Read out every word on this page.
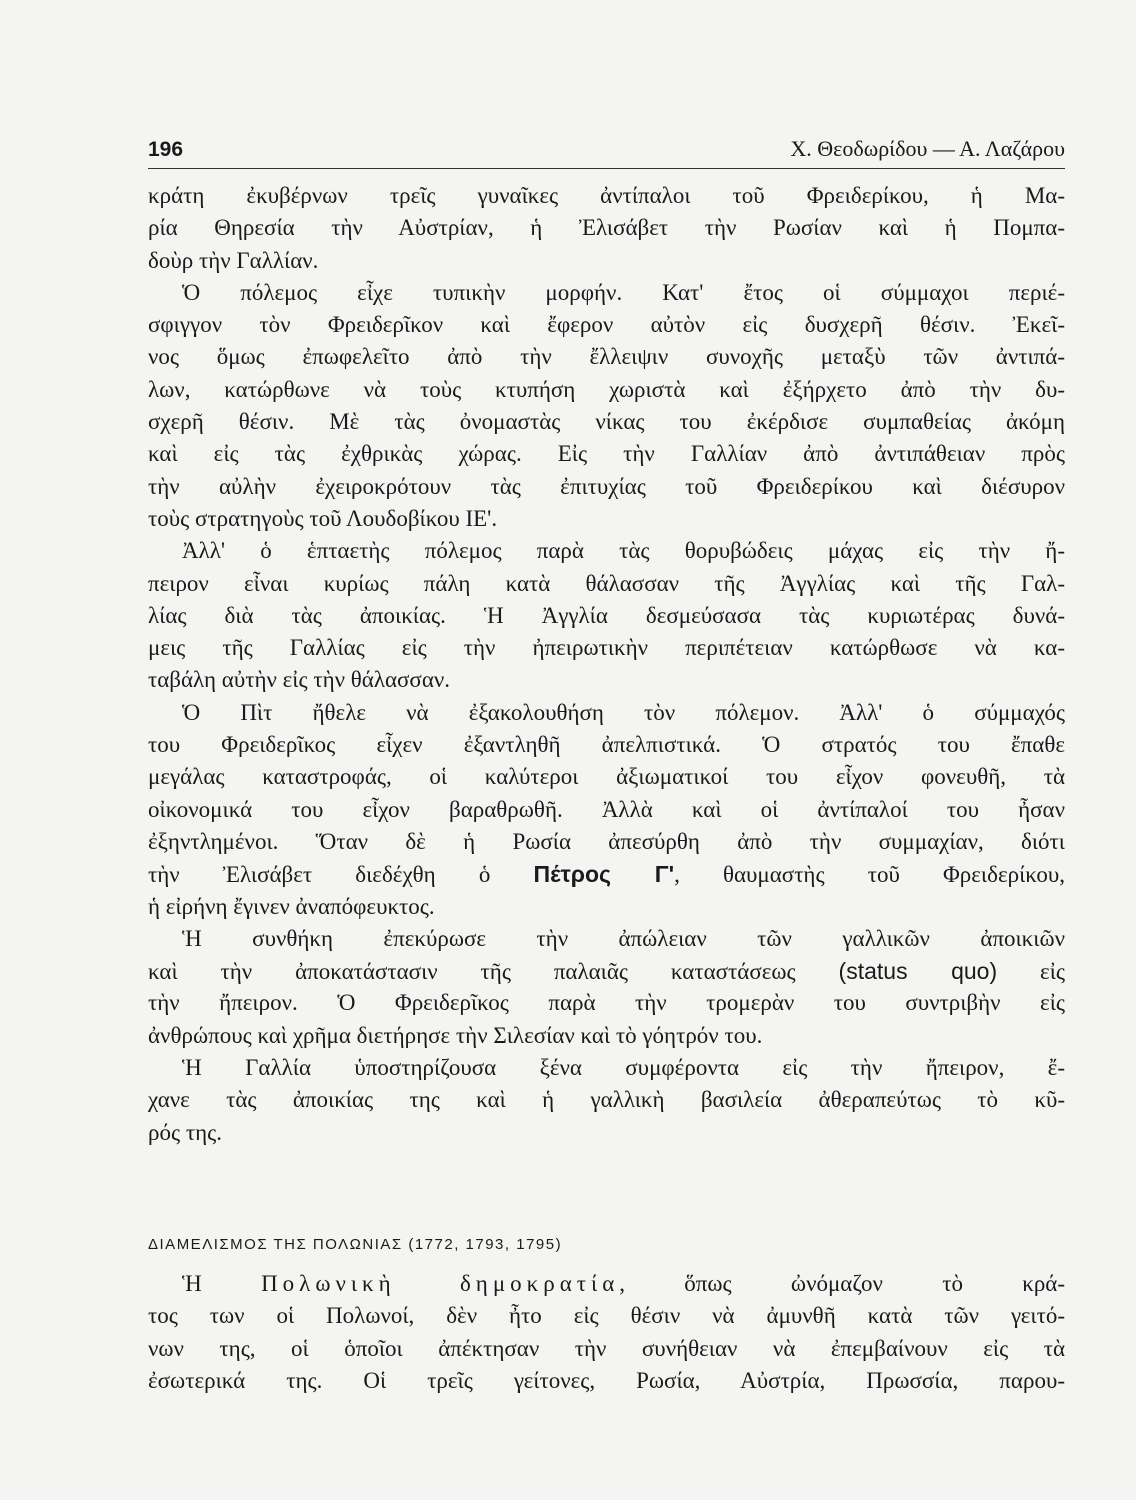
196	Χ. Θεοδωρίδου — Α. Λαζάρου
κράτη ἐκυβέρνων τρεῖς γυναῖκες ἀντίπαλοι τοῦ Φρειδερίκου, ἡ Μα-
ρία Θηρεσία τὴν Αὐστρίαν, ἡ Ἐλισάβετ τὴν Ρωσίαν καὶ ἡ Πομπα-
δοὺρ τὴν Γαλλίαν.
Ὁ πόλεμος εἶχε τυπικὴν μορφήν. Κατ' ἔτος οἱ σύμμαχοι περιέ-
σφιγγον τὸν Φρειδερῖκον καὶ ἔφερον αὐτὸν εἰς δυσχερῆ θέσιν. Ἐκεῖ-
νος ὅμως ἐπωφελεῖτο ἀπὸ τὴν ἔλλειψιν συνοχῆς μεταξὺ τῶν ἀντιπά-
λων, κατώρθωνε νὰ τοὺς κτυπήση χωριστὰ καὶ ἐξήρχετο ἀπὸ τὴν δυ-
σχερῆ θέσιν. Μὲ τὰς ὀνομαστὰς νίκας του ἐκέρδισε συμπαθείας ἀκόμη
καὶ εἰς τὰς ἐχθρικὰς χώρας. Εἰς τὴν Γαλλίαν ἀπὸ ἀντιπάθειαν πρὸς
τὴν αὐλὴν ἐχειροκρότουν τὰς ἐπιτυχίας τοῦ Φρειδερίκου καὶ διέσυρον
τοὺς στρατηγοὺς τοῦ Λουδοβίκου ΙΕ'.
Ἀλλ' ὁ ἑπταετὴς πόλεμος παρὰ τὰς θορυβώδεις μάχας εἰς τὴν ἤ-
πειρον εἶναι κυρίως πάλη κατὰ θάλασσαν τῆς Ἀγγλίας καὶ τῆς Γαλ-
λίας διὰ τὰς ἀποικίας. Ἡ Ἀγγλία δεσμεύσασα τὰς κυριωτέρας δυνά-
μεις τῆς Γαλλίας εἰς τὴν ἠπειρωτικὴν περιπέτειαν κατώρθωσε νὰ κα-
ταβάλη αὐτὴν εἰς τὴν θάλασσαν.
Ὁ Πὶτ ἤθελε νὰ ἐξακολουθήση τὸν πόλεμον. Ἀλλ' ὁ σύμμαχός
του Φρειδερῖκος εἶχεν ἐξαντληθῆ ἀπελπιστικά. Ὁ στρατός του ἔπαθε
μεγάλας καταστροφάς, οἱ καλύτεροι ἀξιωματικοί του εἶχον φονευθῆ, τὰ
οἰκονομικά του εἶχον βαραθρωθῆ. Ἀλλὰ καὶ οἱ ἀντίπαλοί του ἦσαν
ἐξηντλημένοι. Ὅταν δὲ ἡ Ρωσία ἀπεσύρθη ἀπὸ τὴν συμμαχίαν, διότι
τὴν Ἐλισάβετ διεδέχθη ὁ Πέτρος Γ', θαυμαστὴς τοῦ Φρειδερίκου,
ἡ εἰρήνη ἔγινεν ἀναπόφευκτος.
Ἡ συνθήκη ἐπεκύρωσε τὴν ἀπώλειαν τῶν γαλλικῶν ἀποικιῶν
καὶ τὴν ἀποκατάστασιν τῆς παλαιᾶς καταστάσεως (status quo) εἰς
τὴν ἤπειρον. Ὁ Φρειδερῖκος παρὰ τὴν τρομερὰν του συντριβὴν εἰς
ἀνθρώπους καὶ χρῆμα διετήρησε τὴν Σιλεσίαν καὶ τὸ γόητρόν του.
Ἡ Γαλλία ὑποστηρίζουσα ξένα συμφέροντα εἰς τὴν ἤπειρον, ἔ-
χανε τὰς ἀποικίας της καὶ ἡ γαλλικὴ βασιλεία ἀθεραπεύτως τὸ κῦ-
ρός της.
ΔΙΑΜΕΛΙΣΜΟΣ ΤΗΣ ΠΟΛΩΝΙΑΣ (1772, 1793, 1795)
Ἡ Πολωνικὴ δημοκρατία, ὅπως ὠνόμαζον τὸ κρά-
τος των οἱ Πολωνοί, δὲν ἦτο εἰς θέσιν νὰ ἀμυνθῆ κατὰ τῶν γειτό-
νων της, οἱ ὁποῖοι ἀπέκτησαν τὴν συνήθειαν νὰ ἐπεμβαίνουν εἰς τὰ
ἐσωτερικά της. Οἱ τρεῖς γείτονες, Ρωσία, Αὐστρία, Πρωσσία, παρου-
